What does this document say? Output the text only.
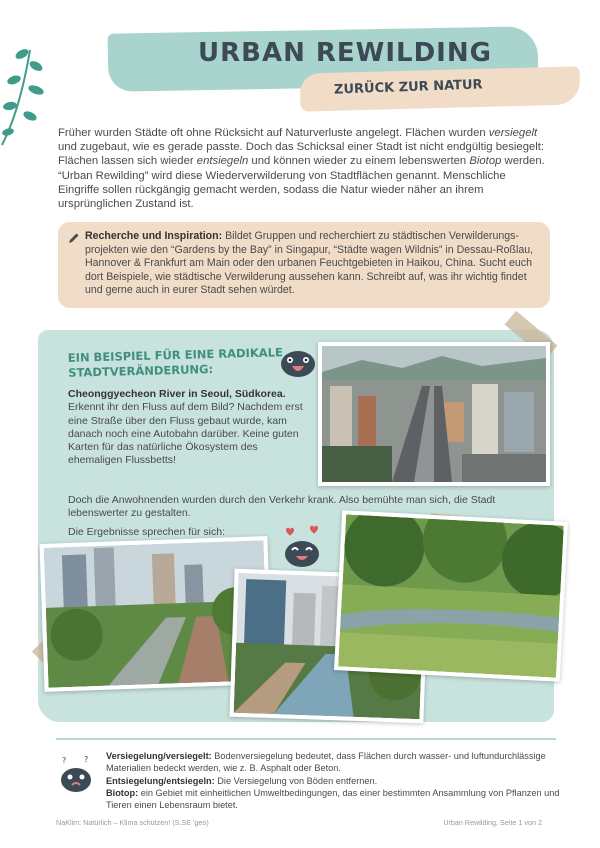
URBAN REWILDING
ZURÜCK ZUR NATUR

Früher wurden Städte oft ohne Rücksicht auf Naturverluste angelegt. Flächen wurden versiegelt und zugebaut, wie es gerade passte. Doch das Schicksal einer Stadt ist nicht endgültig besiegelt: Flächen lassen sich wieder entsiegeln und können wieder zu einem lebenswerten Biotop werden. “Urban Rewilding” wird diese Wiederverwilderung von Stadtflächen genannt. Menschliche Eingriffe sollen rückgängig gemacht werden, sodass die Natur wieder näher an ihrem ursprünglichen Zustand ist.

Recherche und Inspiration: Bildet Gruppen und recherchiert zu städtischen Verwilderungs-projekten wie den “Gardens by the Bay” in Singapur, “Städte wagen Wildnis” in Dessau-Roßlau, Hannover & Frankfurt am Main oder den urbanen Feuchtgebieten in Haikou, China. Sucht euch dort Beispiele, wie städtische Verwilderung aussehen kann. Schreibt auf, was ihr wichtig findet und gerne auch in eurer Stadt sehen würdet.
EIN BEISPIEL FÜR EINE RADIKALE
STADTVERÄNDERUNG:
Cheonggyecheon River in Seoul, Südkorea.
Erkennt ihr den Fluss auf dem Bild? Nachdem erst eine Straße über den Fluss gebaut wurde, kam danach noch eine Autobahn darüber. Keine guten Karten für das natürliche Ökosystem des ehemaligen Flussbetts!
Doch die Anwohnenden wurden durch den Verkehr krank. Also bemühte man sich, die Stadt lebenswerter zu gestalten.
Die Ergebnisse sprechen für sich:
? ? Versiegelung/versiegelt: Bodenversiegelung bedeutet, dass Flächen durch wasser- und luftundurchlässige Materialien bedeckt werden, wie z. B. Asphalt oder Beton.
Entsiegelung/entsiegeln: Die Versiegelung von Böden entfernen.
Biotop: ein Gebiet mit einheitlichen Umweltbedingungen, das einer bestimmten Ansammlung von Pflanzen und Tieren einen Lebensraum bietet.
NaKlim: Natürlich – Klima schützen! (S.SE 'geo)	Urban Rewilding, Seite 1 von 2
